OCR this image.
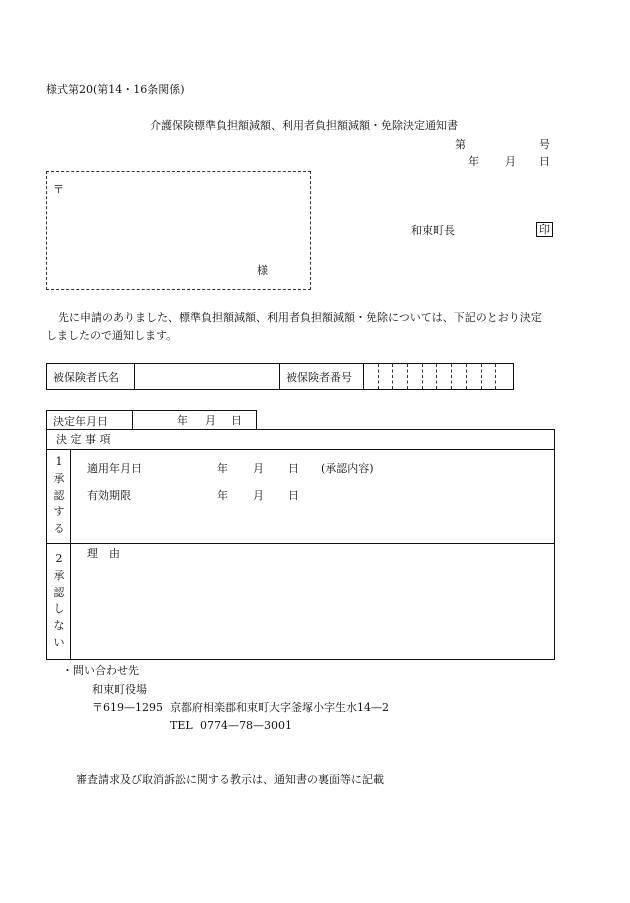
様式第20(第14・16条関係)
介護保険標準負担額減額、利用者負担額減額・免除決定通知書
第	号
年 月 日
〒
様
和束町長	印
先に申請のありました、標準負担額減額、利用者負担額減額・免除については、下記のとおり決定
しましたので通知します。
被保険者氏名	被保険者番号
決定年月日	年 月 日
決 定 事 項
1
承
認
す
る
適用年月日	年 月 日 (承認内容)
有効期限	年 月 日
2
承
認
し
な
い
理　由
・問い合わせ先
和束町役場
〒619—1295 京都府相楽郡和束町大字釜塚小字生水14—2
TEL 0774—78—3001
審査請求及び取消訴訟に関する教示は、通知書の裏面等に記載
